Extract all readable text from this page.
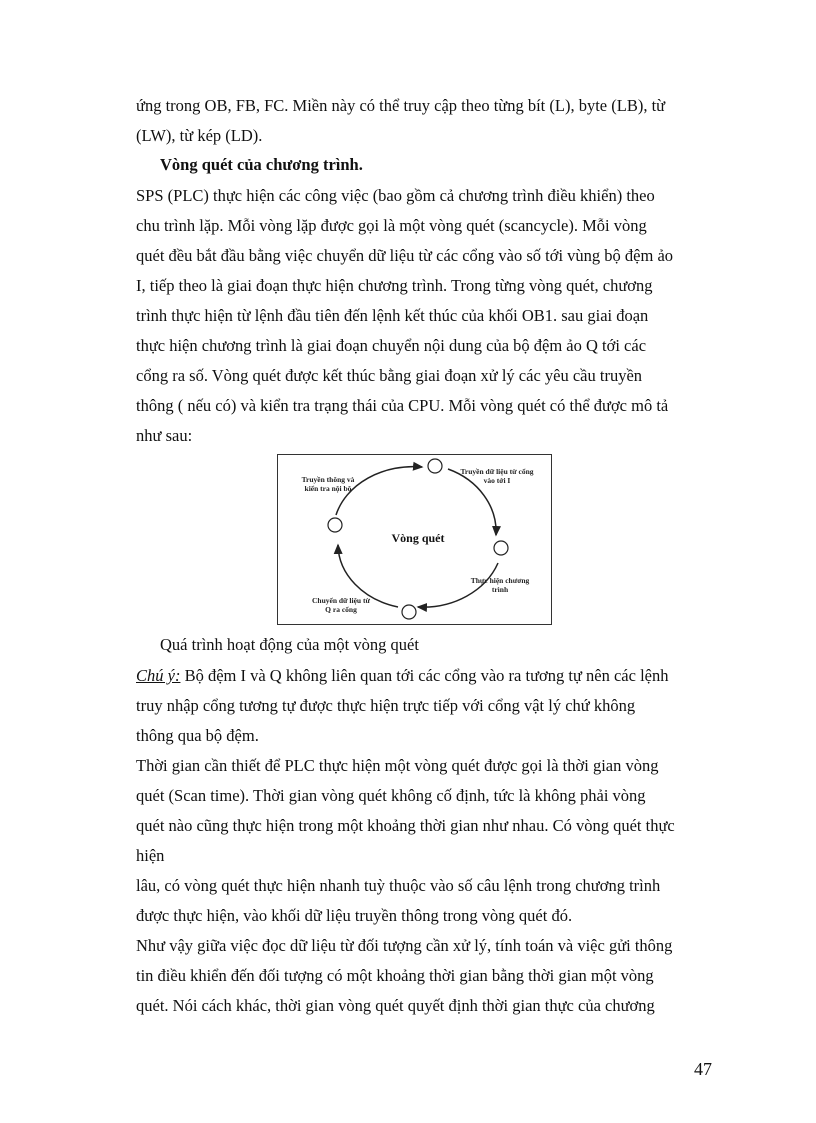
ứng trong OB, FB, FC. Miền này có thể truy cập theo từng bít (L), byte (LB), từ
(LW), từ kép (LD).
Vòng quét của chương trình.
SPS (PLC) thực hiện các công việc (bao gồm cả chương trình điều khiển) theo
chu trình lặp. Mỗi vòng lặp được gọi là một vòng quét (scancycle). Mỗi vòng
quét đều bắt đầu bằng việc chuyển dữ liệu từ các cổng vào số tới vùng bộ đệm ảo
I, tiếp theo là giai đoạn thực hiện chương trình. Trong từng vòng quét, chương
trình thực hiện từ lệnh đầu tiên đến lệnh kết thúc của khối OB1. sau giai đoạn
thực hiện chương trình là giai đoạn chuyển nội dung của bộ đệm ảo Q tới các
cổng ra số. Vòng quét được kết thúc bằng giai đoạn xử lý các yêu cầu truyền
thông ( nếu có) và kiển tra trạng thái của CPU. Mỗi vòng quét có thể được mô tả
như sau:
Vòng quét
Truyền thông và
kiển tra nội bộ
Truyền dữ liệu từ cổng
vào tới I
Thực hiện chương
trình
Chuyển dữ liệu từ
Q ra cổng
Quá trình hoạt động của một vòng quét
Chú ý: Bộ đệm I và Q không liên quan tới các cổng vào ra tương tự nên các lệnh
truy nhập cổng tương tự được thực hiện trực tiếp với cổng vật lý chứ không
thông qua bộ đệm.
Thời gian cần thiết để PLC thực hiện một vòng quét được gọi là thời gian vòng
quét (Scan time). Thời gian vòng quét không cố định, tức là không phải vòng
quét nào cũng thực hiện trong một khoảng thời gian như nhau. Có vòng quét thực
hiện
lâu, có vòng quét thực hiện nhanh tuỳ thuộc vào số câu lệnh trong chương trình
được thực hiện, vào khối dữ liệu truyền thông trong vòng quét đó.
Như vậy giữa việc đọc dữ liệu từ đối tượng cần xử lý, tính toán và việc gửi thông
tin điều khiển đến đối tượng có một khoảng thời gian bằng thời gian một vòng
quét. Nói cách khác, thời gian vòng quét quyết định thời gian thực của chương
47
